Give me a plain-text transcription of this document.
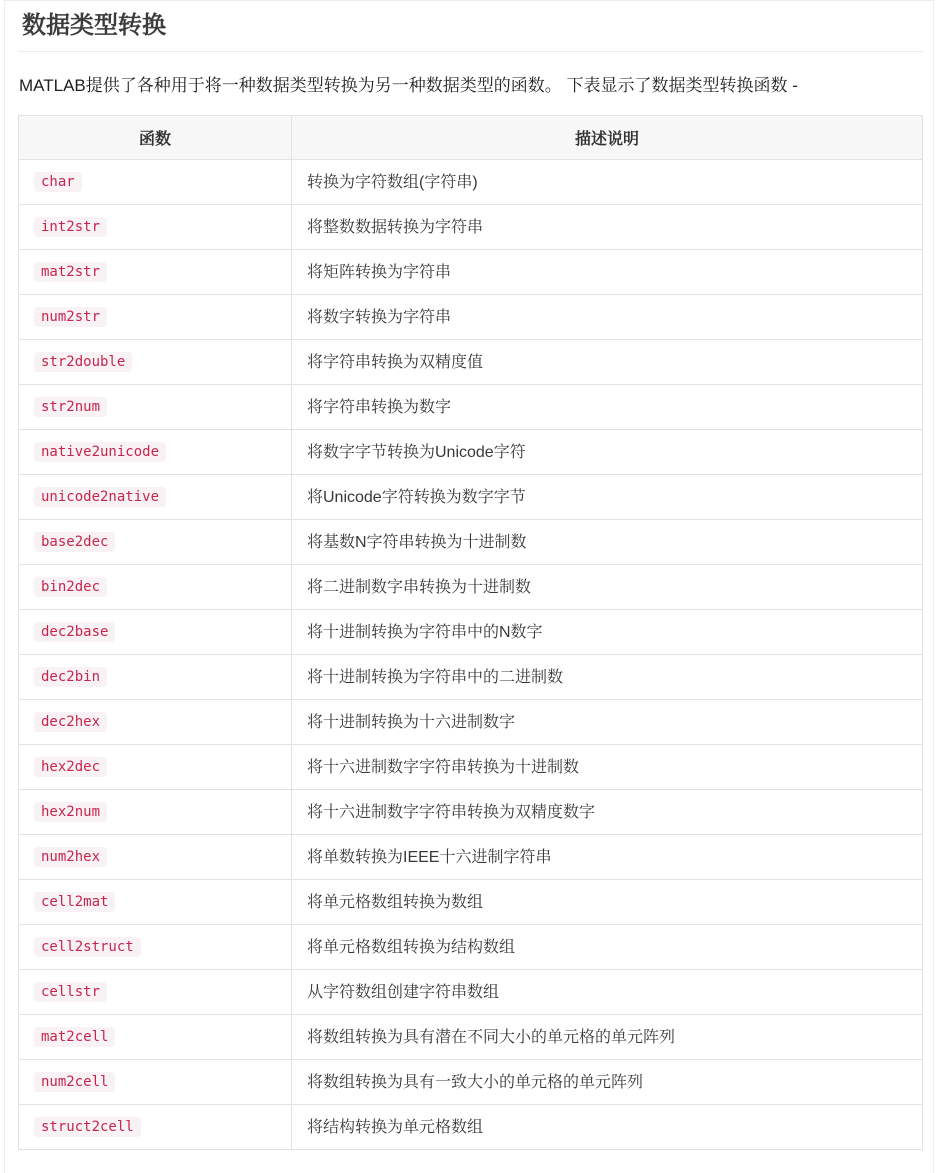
数据类型转换

MATLAB提供了各种用于将一种数据类型转换为另一种数据类型的函数。 下表显示了数据类型转换函数 -

函数	描述说明
char	转换为字符数组(字符串)
int2str	将整数数据转换为字符串
mat2str	将矩阵转换为字符串
num2str	将数字转换为字符串
str2double	将字符串转换为双精度值
str2num	将字符串转换为数字
native2unicode	将数字字节转换为Unicode字符
unicode2native	将Unicode字符转换为数字字节
base2dec	将基数N字符串转换为十进制数
bin2dec	将二进制数字串转换为十进制数
dec2base	将十进制转换为字符串中的N数字
dec2bin	将十进制转换为字符串中的二进制数
dec2hex	将十进制转换为十六进制数字
hex2dec	将十六进制数字字符串转换为十进制数
hex2num	将十六进制数字字符串转换为双精度数字
num2hex	将单数转换为IEEE十六进制字符串
cell2mat	将单元格数组转换为数组
cell2struct	将单元格数组转换为结构数组
cellstr	从字符数组创建字符串数组
mat2cell	将数组转换为具有潜在不同大小的单元格的单元阵列
num2cell	将数组转换为具有一致大小的单元格的单元阵列
struct2cell	将结构转换为单元格数组
